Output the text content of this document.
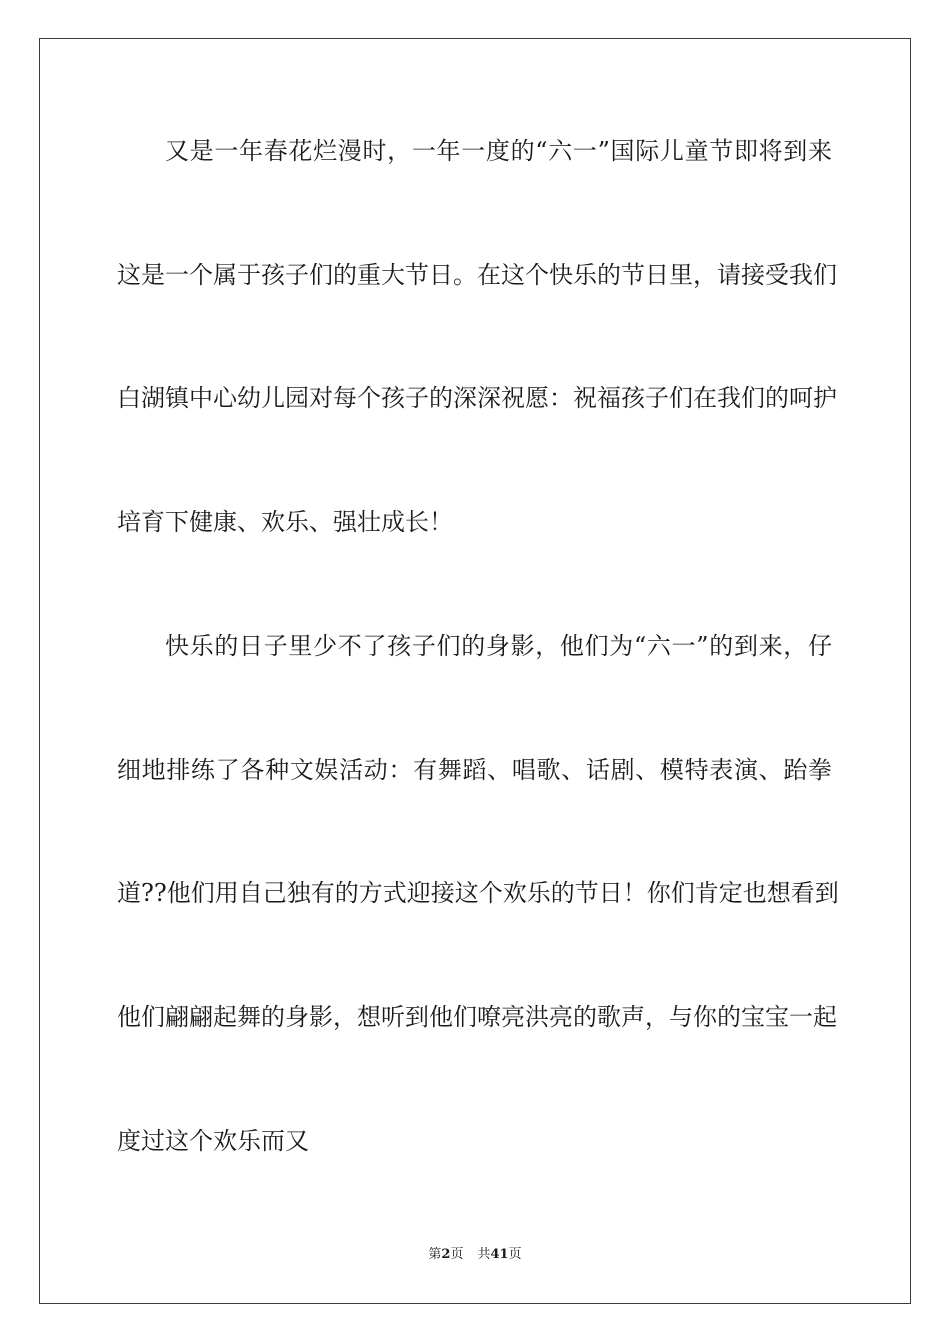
又是一年春花烂漫时，一年一度的“六一”国际儿童节即将到来
这是一个属于孩子们的重大节日。在这个快乐的节日里，请接受我们
白湖镇中心幼儿园对每个孩子的深深祝愿：祝福孩子们在我们的呵护
培育下健康、欢乐、强壮成长！
快乐的日子里少不了孩子们的身影，他们为“六一”的到来，仔
细地排练了各种文娱活动：有舞蹈、唱歌、话剧、模特表演、跆拳
道??他们用自己独有的方式迎接这个欢乐的节日！你们肯定也想看到
他们翩翩起舞的身影，想听到他们嘹亮洪亮的歌声，与你的宝宝一起
度过这个欢乐而又
第2页 共41页
